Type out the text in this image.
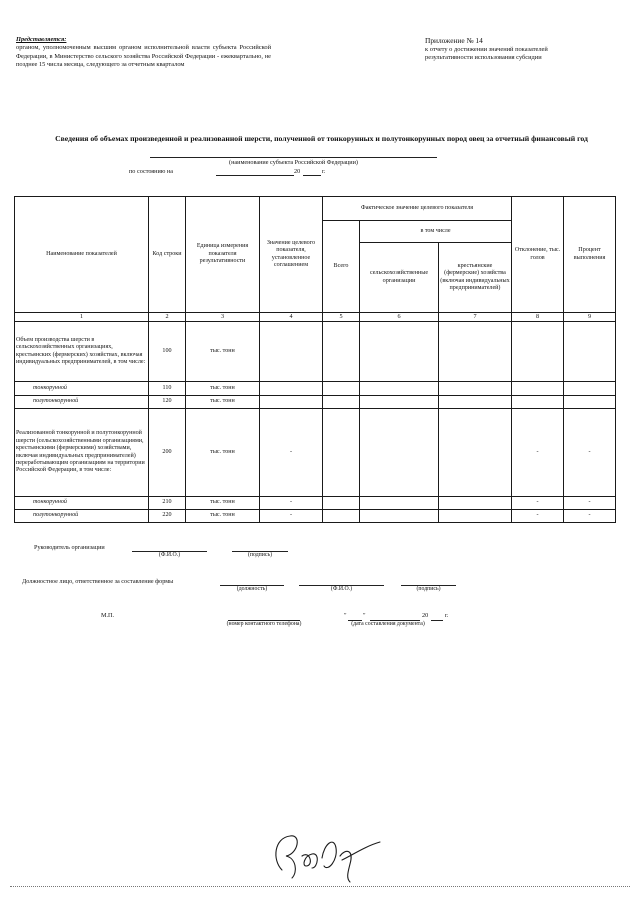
Представляется:
органом, уполномоченным высшим органом исполнительной власти субъекта Российской Федерации, в Министерство сельского хозяйства Российской Федерации - ежеквартально, не позднее 15 числа месяца, следующего за отчетным кварталом
Приложение № 14
к отчету о достижении значений показателей
результативности использования субсидии
Сведения об объемах произведенной и реализованной шерсти, полученной от тонкорунных и полутонкорунных пород овец за отчетный финансовый год
(наименование субъекта Российской Федерации)
по состоянию на	20	г.
Наименование показателей	Код строки	Единица измерения показателя результативности	Значение целевого показателя, установленное соглашением	Фактическое значение целевого показателя			Отклонение, тыс. голов	Процент выполнения
				Всего	в том числе			
					сельскохозяйственные организации	крестьянские (фермерские) хозяйства (включая индивидуальных предпринимателей)		
1	2	3	4	5	6	7	8	9
Объем производства шерсти в сельскохозяйственных организациях, крестьянских (фермерских) хозяйствах, включая индивидуальных предпринимателей, в том числе:	100	тыс. тонн						
тонкорунной	110	тыс. тонн						
полутонкорунной	120	тыс. тонн						
Реализованной тонкорунной и полутонкорунной шерсти (сельскохозяйственными организациями, крестьянскими (фермерскими) хозяйствами, включая индивидуальных предпринимателей) переработывающим организациям на территории Российской Федерации, в том числе:	200	тыс. тонн	-				-	-
тонкорунной	210	тыс. тонн	-				-	-
полутонкорунной	220	тыс. тонн	-				-	-
Руководитель организации
(Ф.И.О.)	(подпись)
Должностное лицо, ответственное за составление формы
(должность)	(Ф.И.О.)	(подпись)
М.П.
(номер контактного телефона)
"	"	20	г.
(дата составления документа)
